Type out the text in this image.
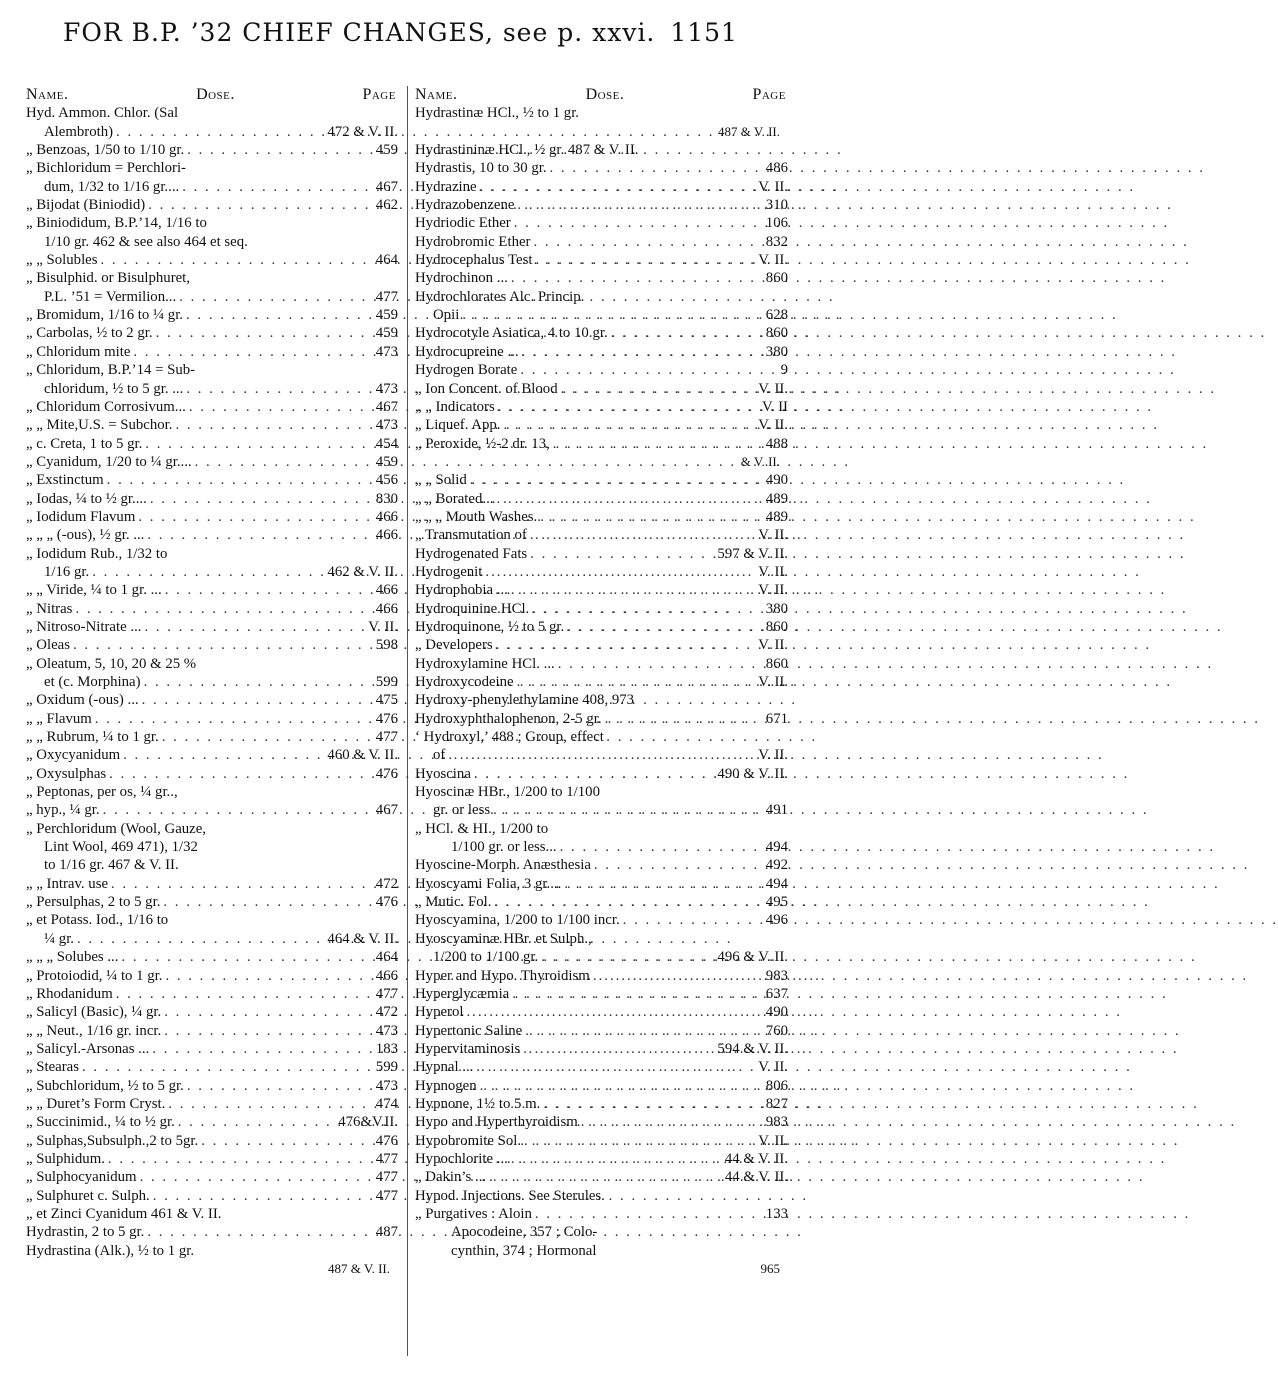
FOR B.P. ’32 CHIEF CHANGES, see p. xxvi. 1151
Name.	Dose.	Page
Hyd. Ammon. Chlor. (Sal
Alembroth) . . .	472 & V. II.
„ Benzoas, 1/50 to 1/10 gr. . . .	459
„ Bichloridum = Perchlori-
dum, 1/32 to 1/16 gr.... . . .	467
„ Bijodat (Biniodid) . . .	462
„ Biniodidum, B.P.’14, 1/16 to
1/10 gr. 462 & see also 464 et seq.
„ „ Solubles . . .	464
„ Bisulphid. or Bisulphuret,
P.L. ’51 = Vermilion... . . .	477
„ Bromidum, 1/16 to ¼ gr. . . .	459
„ Carbolas, ½ to 2 gr. . . .	459
„ Chloridum mite . . .	473
„ Chloridum, B.P.’14 = Sub-
chloridum, ½ to 5 gr. ... . . .	473
„ Chloridum Corrosivum... . . .	467
„ „ Mite,U.S. = Subchor. . . .	473
„ c. Creta, 1 to 5 gr. . . .	454
„ Cyanidum, 1/20 to ¼ gr.... . . .	459
„ Exstinctum . . .	456
„ Iodas, ¼ to ½ gr.... . . .	830
„ Iodidum Flavum . . .	466
„ „ „ (-ous), ½ gr. ... . . .	466
„ Iodidum Rub., 1/32 to
1/16 gr. . . .	462 & V. II.
„ „ Viride, ¼ to 1 gr. ... . . .	466
„ Nitras . . .	466
„ Nitroso-Nitrate ... . . .	V. II.
„ Oleas . . .	598
„ Oleatum, 5, 10, 20 & 25 %
et (c. Morphina) . . .	599
„ Oxidum (-ous) ... . . .	475
„ „ Flavum . . .	476
„ „ Rubrum, ¼ to 1 gr. . . .	477
„ Oxycyanidum . . .	460 & V. II.
„ Oxysulphas . . .	476
„ Peptonas, per os, ¼ gr..,
„ hyp., ¼ gr. . . .	467
„ Perchloridum (Wool, Gauze,
Lint Wool, 469 471), 1/32
to 1/16 gr. 467 & V. II.
„ „ Intrav. use . . .	472
„ Persulphas, 2 to 5 gr. . . .	476
„ et Potass. Iod., 1/16 to
¼ gr. . . .	464 & V. II.
„ „ „ Solubes ... . . .	464
„ Protoiodid, ¼ to 1 gr. . . .	466
„ Rhodanidum . . .	477
„ Salicyl (Basic), ¼ gr. . . .	472
„ „ Neut., 1/16 gr. incr. . . .	473
„ Salicyl.-Arsonas ... . . .	183
„ Stearas . . .	599
„ Subchloridum, ½ to 5 gr. . . .	473
„ „ Duret’s Form Cryst. . . .	474
„ Succinimid., ¼ to ½ gr. . . .	476&V.II.
„ Sulphas,Subsulph.,2 to 5gr. . . .	476
„ Sulphidum. . . .	477
„ Sulphocyanidum . . .	477
„ Sulphuret c. Sulph. . . .	477
„ et Zinci Cyanidum 461 & V. II.
Hydrastin, 2 to 5 gr. . . .	487
Hydrastina (Alk.), ½ to 1 gr.
487 & V. II.
Name.	Dose.	Page
Hydrastinæ HCl., ½ to 1 gr.
487 & V. II.
Hydrastininæ HCl., ½ gr. 487 & V. II.
Hydrastis, 10 to 30 gr. . . .	486
Hydrazine . . .	V. II.
Hydrazobenzene . . .	310
Hydriodic Ether . . .	106
Hydrobromic Ether . . .	832
Hydrocephalus Test . . .	V. II.
Hydrochinon ... . . .	860
Hydrochlorates Alc. Princip.
Opii . . .	628
Hydrocotyle Asiatica, 4 to 10 gr. . . .	860
Hydrocupreine ... . . .	380
Hydrogen Borate . . .	9
„ Ion Concent. of Blood . . .	V. II.
„ „ Indicators . . .	V. II
„ Liquef. App. . . .	V. II.
„ Peroxide, ½-2 dr. 13, . . .	488
& V. II.
„ „ Solid . . .	490
„ „ Borated... . . .	489
„ „ „ Mouth Washes. . . .	489
„ Transmutation of . . .	V. II.
Hydrogenated Fats . . .	597 & V. II.
Hydrogenit . . .	V. II.
Hydrophobia ... . . .	V. II.
Hydroquinine HCl. . . .	380
Hydroquinone, ½ to 5 gr. . . .	860
„ Developers . . .	V. II.
Hydroxylamine HCl. ... . . .	860
Hydroxycodeine . . .	V. II.
Hydroxy-phenylethylamine 408, 973
Hydroxyphthalophenon, 2-5 gr. . . .	671
‘ Hydroxyl,’ 488 ; Group, effect
of . . .	V. II.
Hyoscina . . .	490 & V. II.
Hyoscinæ HBr., 1/200 to 1/100
gr. or less . . .	491
„ HCl. & HI., 1/200 to
1/100 gr. or less... . . .	494
Hyoscine-Morph. Anæsthesia . . .	492
Hyoscyami Folia, 3 gr.... . . .	494
„ Mutic. Fol. . . .	495
Hyoscyamina, 1/200 to 1/100 incr. . . .	496
Hyoscyaminæ HBr. et Sulph.,
1/200 to 1/100 gr. . . .	496 & V. II.
Hyper and Hypo. Thyroidism . . .	983
Hyperglycæmia . . .	637
Hyperol . . .	490
Hypertonic Saline . . .	760
Hypervitaminosis . . .	594 & V. II.
Hypnal ... . . .	V. II.
Hypnogen . . .	806
Hypnone, 1½ to 5 m. . . .	827
Hypo and Hyperthyroidism . . .	983
Hypobromite Sol. . . .	V. II.
Hypochlorite ... . . .	44 & V. II.
„ Dakin’s ... . . .	44 & V. II.
Hypod. Injections. See Sterules.
„ Purgatives : Aloin . . .	133
Apocodeine, 357 ; Colo-
cynthin, 374 ; Hormonal
965
